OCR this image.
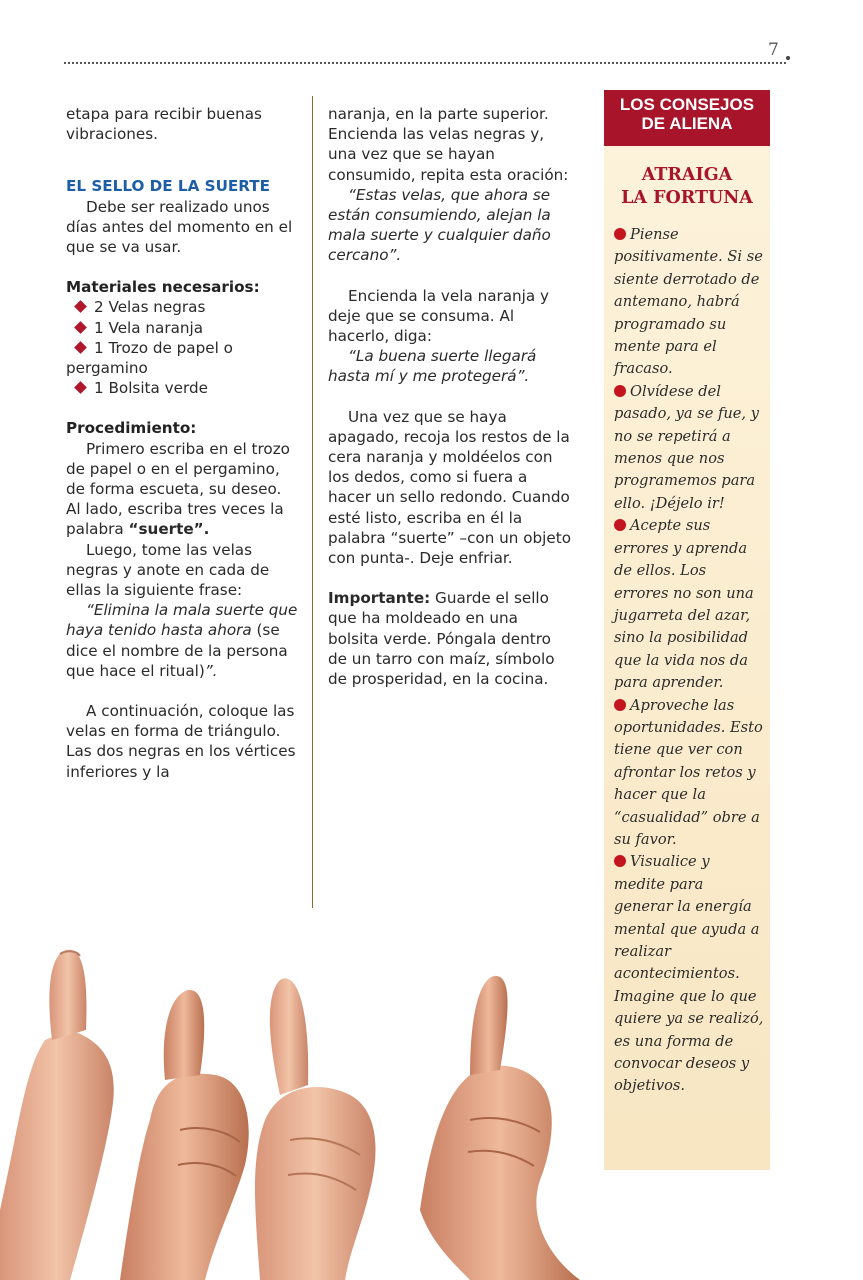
7

etapa para recibir buenas vibraciones.

EL SELLO DE LA SUERTE

Debe ser realizado unos días antes del momento en el que se va usar.

Materiales necesarios:

2 Velas negras
1 Vela naranja
1 Trozo de papel o
pergamino
1 Bolsita verde

Procedimiento:

Primero escriba en el trozo de papel o en el pergamino, de forma escueta, su deseo. Al lado, escriba tres veces la palabra “suerte”.

Luego, tome las velas negras y anote en cada de ellas la siguiente frase:

“Elimina la mala suerte que haya tenido hasta ahora (se dice el nombre de la persona que hace el ritual)”.

A continuación, coloque las velas en forma de triángulo. Las dos negras en los vértices inferiores y la

naranja, en la parte superior. Encienda las velas negras y, una vez que se hayan consumido, repita esta oración:

“Estas velas, que ahora se están consumiendo, alejan la mala suerte y cualquier daño cercano”.

Encienda la vela naranja y deje que se consuma. Al hacerlo, diga:

“La buena suerte llegará hasta mí y me protegerá”.

Una vez que se haya apagado, recoja los restos de la cera naranja y moldéelos con los dedos, como si fuera a hacer un sello redondo. Cuando esté listo, escriba en él la palabra “suerte” –con un objeto con punta-. Deje enfriar.

Importante: Guarde el sello que ha moldeado en una bolsita verde. Póngala dentro de un tarro con maíz, símbolo de prosperidad, en la cocina.

LOS CONSEJOS
DE ALIENA
ATRAIGA
LA FORTUNA
Piense positivamente. Si se siente derrotado de antemano, habrá programado su mente para el fracaso.
Olvídese del pasado, ya se fue, y no se repetirá a menos que nos programemos para ello. ¡Déjelo ir!
Acepte sus errores y aprenda de ellos. Los errores no son una jugarreta del azar, sino la posibilidad que la vida nos da para aprender.
Aproveche las oportunidades. Esto tiene que ver con afrontar los retos y hacer que la “casualidad” obre a su favor.
Visualice y medite para generar la energía mental que ayuda a realizar acontecimientos. Imagine que lo que quiere ya se realizó, es una forma de convocar deseos y objetivos.
